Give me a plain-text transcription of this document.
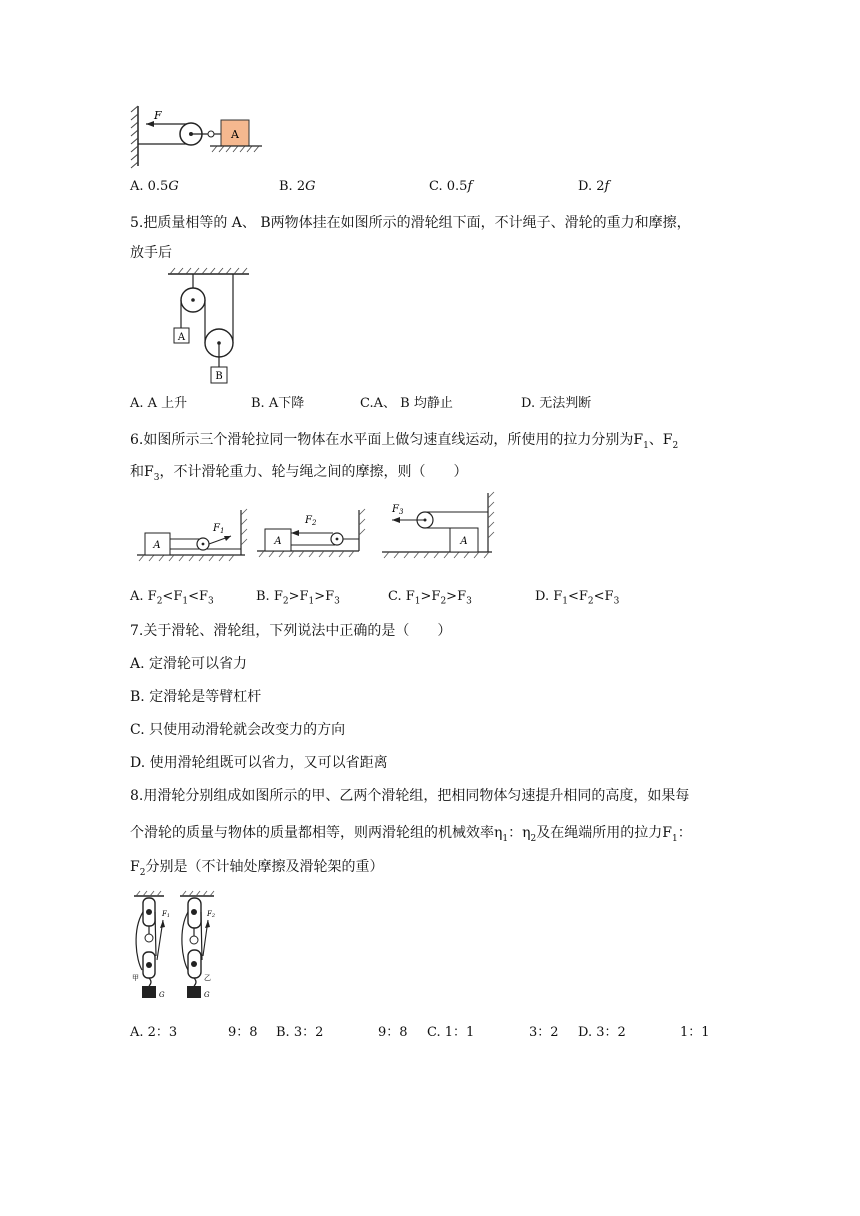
A
F
A. 0.5G	B. 2G	C. 0.5f	D. 2f
5.把质量相等的 A、 B两物体挂在如图所示的滑轮组下面，不计绳子、滑轮的重力和摩擦，
放手后
A
B
A. A 上升	B. A下降	C.A、 B 均静止	D. 无法判断
6.如图所示三个滑轮拉同一物体在水平面上做匀速直线运动，所使用的拉力分别为$F_1$、$F_2$
和$F_3$，不计滑轮重力、轮与绳之间的摩擦，则（　　）
A
$F_1$
A
$F_2$
A
$F_3$
A. $F_2<F_1<F_3$	B. $F_2>F_1>F_3$	C. $F_1>F_2>F_3$	D. $F_1<F_2<F_3$
7.关于滑轮、滑轮组，下列说法中正确的是（　　）
A. 定滑轮可以省力
B. 定滑轮是等臂杠杆
C. 只使用动滑轮就会改变力的方向
D. 使用滑轮组既可以省力，又可以省距离
8.用滑轮分别组成如图所示的甲、乙两个滑轮组，把相同物体匀速提升相同的高度，如果每
个滑轮的质量与物体的质量都相等，则两滑轮组的机械效率$\eta_1$：$\eta_2$及在绳端所用的拉力$F_1$：
$F_2$分别是（不计轴处摩擦及滑轮架的重）
甲
G
F1
乙
G
F2
A. 2：3	9：8 B. 3：2	9：8 C. 1：1	3：2 D. 3：2	1：1
